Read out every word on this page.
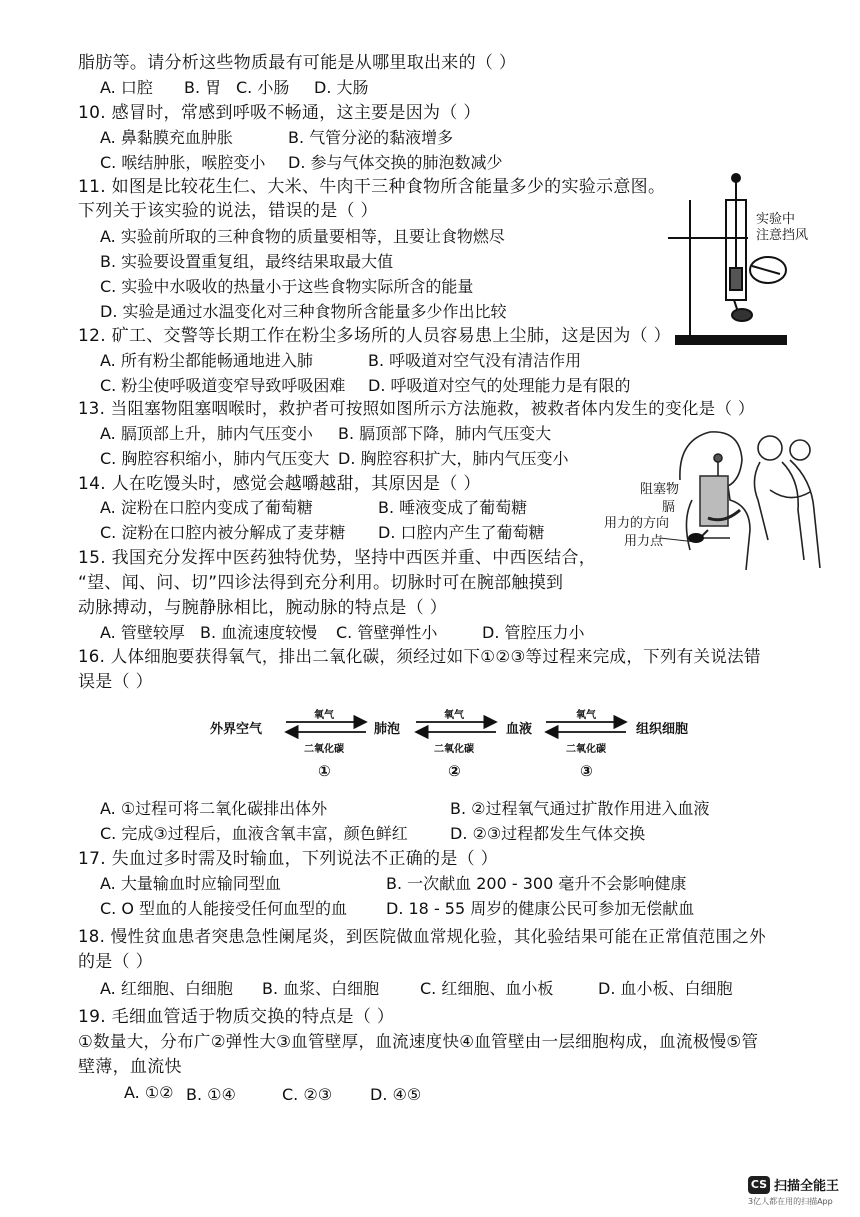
脂肪等。请分析这些物质最有可能是从哪里取出来的（ ）
A. 口腔 B. 胃 C. 小肠 D. 大肠
10. 感冒时，常感到呼吸不畅通，这主要是因为（ ）
A. 鼻黏膜充血肿胀	B. 气管分泌的黏液增多
C. 喉结肿胀，喉腔变小 D. 参与气体交换的肺泡数减少
11. 如图是比较花生仁、大米、牛肉干三种食物所含能量多少的实验示意图。
下列关于该实验的说法，错误的是（ ）
A. 实验前所取的三种食物的质量要相等，且要让食物燃尽
B. 实验要设置重复组，最终结果取最大值
C. 实验中水吸收的热量小于这些食物实际所含的能量
D. 实验是通过水温变化对三种食物所含能量多少作出比较
实验中
注意挡风
12. 矿工、交警等长期工作在粉尘多场所的人员容易患上尘肺，这是因为（ ）
A. 所有粉尘都能畅通地进入肺	B. 呼吸道对空气没有清洁作用
C. 粉尘使呼吸道变窄导致呼吸困难 D. 呼吸道对空气的处理能力是有限的
13. 当阻塞物阻塞咽喉时，救护者可按照如图所示方法施救，被救者体内发生的变化是（ ）
A. 膈顶部上升，肺内气压变小 B. 膈顶部下降，肺内气压变大
C. 胸腔容积缩小，肺内气压变大 D. 胸腔容积扩大，肺内气压变小
14. 人在吃馒头时，感觉会越嚼越甜，其原因是（ ）
A. 淀粉在口腔内变成了葡萄糖	B. 唾液变成了葡萄糖
C. 淀粉在口腔内被分解成了麦芽糖 D. 口腔内产生了葡萄糖
阻塞物
膈
用力的方向
用力点
15. 我国充分发挥中医药独特优势，坚持中西医并重、中西医结合，
“望、闻、问、切”四诊法得到充分利用。切脉时可在腕部触摸到
动脉搏动，与腕静脉相比，腕动脉的特点是（ ）
A. 管壁较厚 B. 血流速度较慢 C. 管壁弹性小	D. 管腔压力小
16. 人体细胞要获得氧气，排出二氧化碳，须经过如下①②③等过程来完成，下列有关说法错
误是（ ）
外界空气	肺泡	血液	组织细胞
氧气	氧气	氧气
二氧化碳	二氧化碳	二氧化碳
①	②	③
A. ①过程可将二氧化碳排出体外	B. ②过程氧气通过扩散作用进入血液
C. 完成③过程后，血液含氧丰富，颜色鲜红	D. ②③过程都发生气体交换
17. 失血过多时需及时输血，下列说法不正确的是（ ）
A. 大量输血时应输同型血	B. 一次献血 200 - 300 毫升不会影响健康
C. O 型血的人能接受任何血型的血 D. 18 - 55 周岁的健康公民可参加无偿献血
18. 慢性贫血患者突患急性阑尾炎，到医院做血常规化验，其化验结果可能在正常值范围之外
的是（ ）
A. 红细胞、白细胞 B. 血浆、白细胞	C. 红细胞、血小板	D. 血小板、白细胞
19. 毛细血管适于物质交换的特点是（ ）
①数量大，分布广②弹性大③血管壁厚，血流速度快④血管壁由一层细胞构成，血流极慢⑤管
壁薄，血流快
A. ①② B. ①④	C. ②③ D. ④⑤
CS 扫描全能王
3亿人都在用的扫描App
